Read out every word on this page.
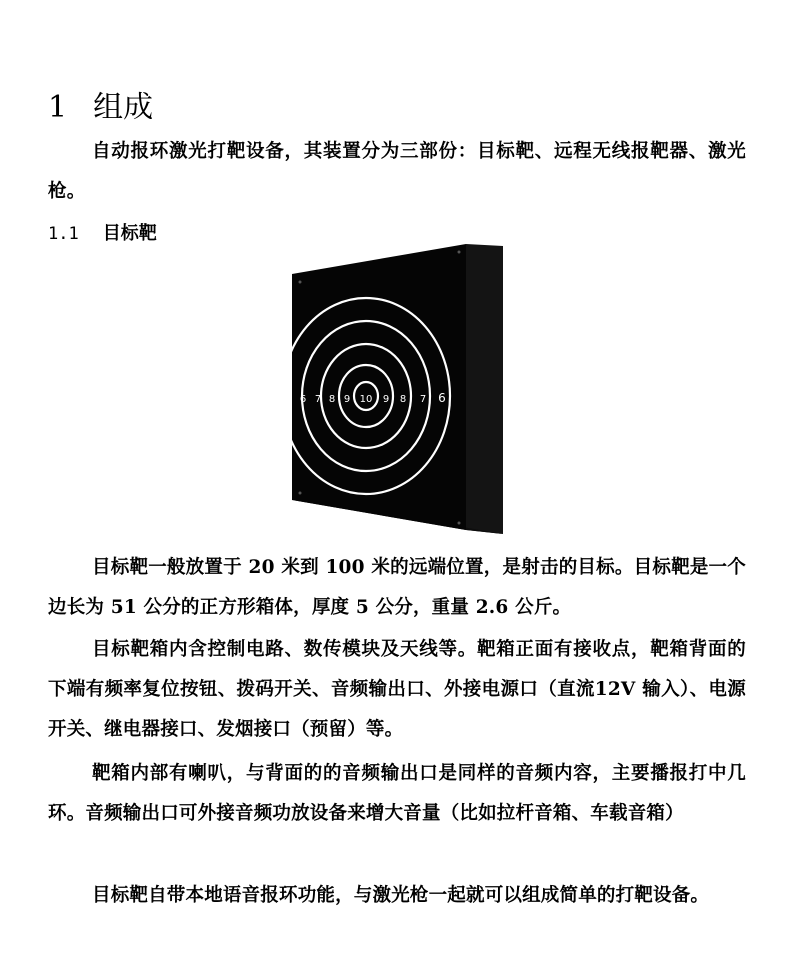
1 组成

自动报环激光打靶设备，其装置分为三部份：目标靶、远程无线报靶器、激光枪。

1.1 目标靶
6 7 8 9 10 9 8 7 6

目标靶一般放置于 20 米到 100 米的远端位置，是射击的目标。目标靶是一个边长为 51 公分的正方形箱体，厚度 5 公分，重量 2.6 公斤。

目标靶箱内含控制电路、数传模块及天线等。靶箱正面有接收点，靶箱背面的下端有频率复位按钮、拨码开关、音频输出口、外接电源口（直流12V 输入）、电源开关、继电器接口、发烟接口（预留）等。

靶箱内部有喇叭，与背面的的音频输出口是同样的音频内容，主要播报打中几环。音频输出口可外接音频功放设备来增大音量（比如拉杆音箱、车载音箱）

目标靶自带本地语音报环功能，与激光枪一起就可以组成简单的打靶设备。
